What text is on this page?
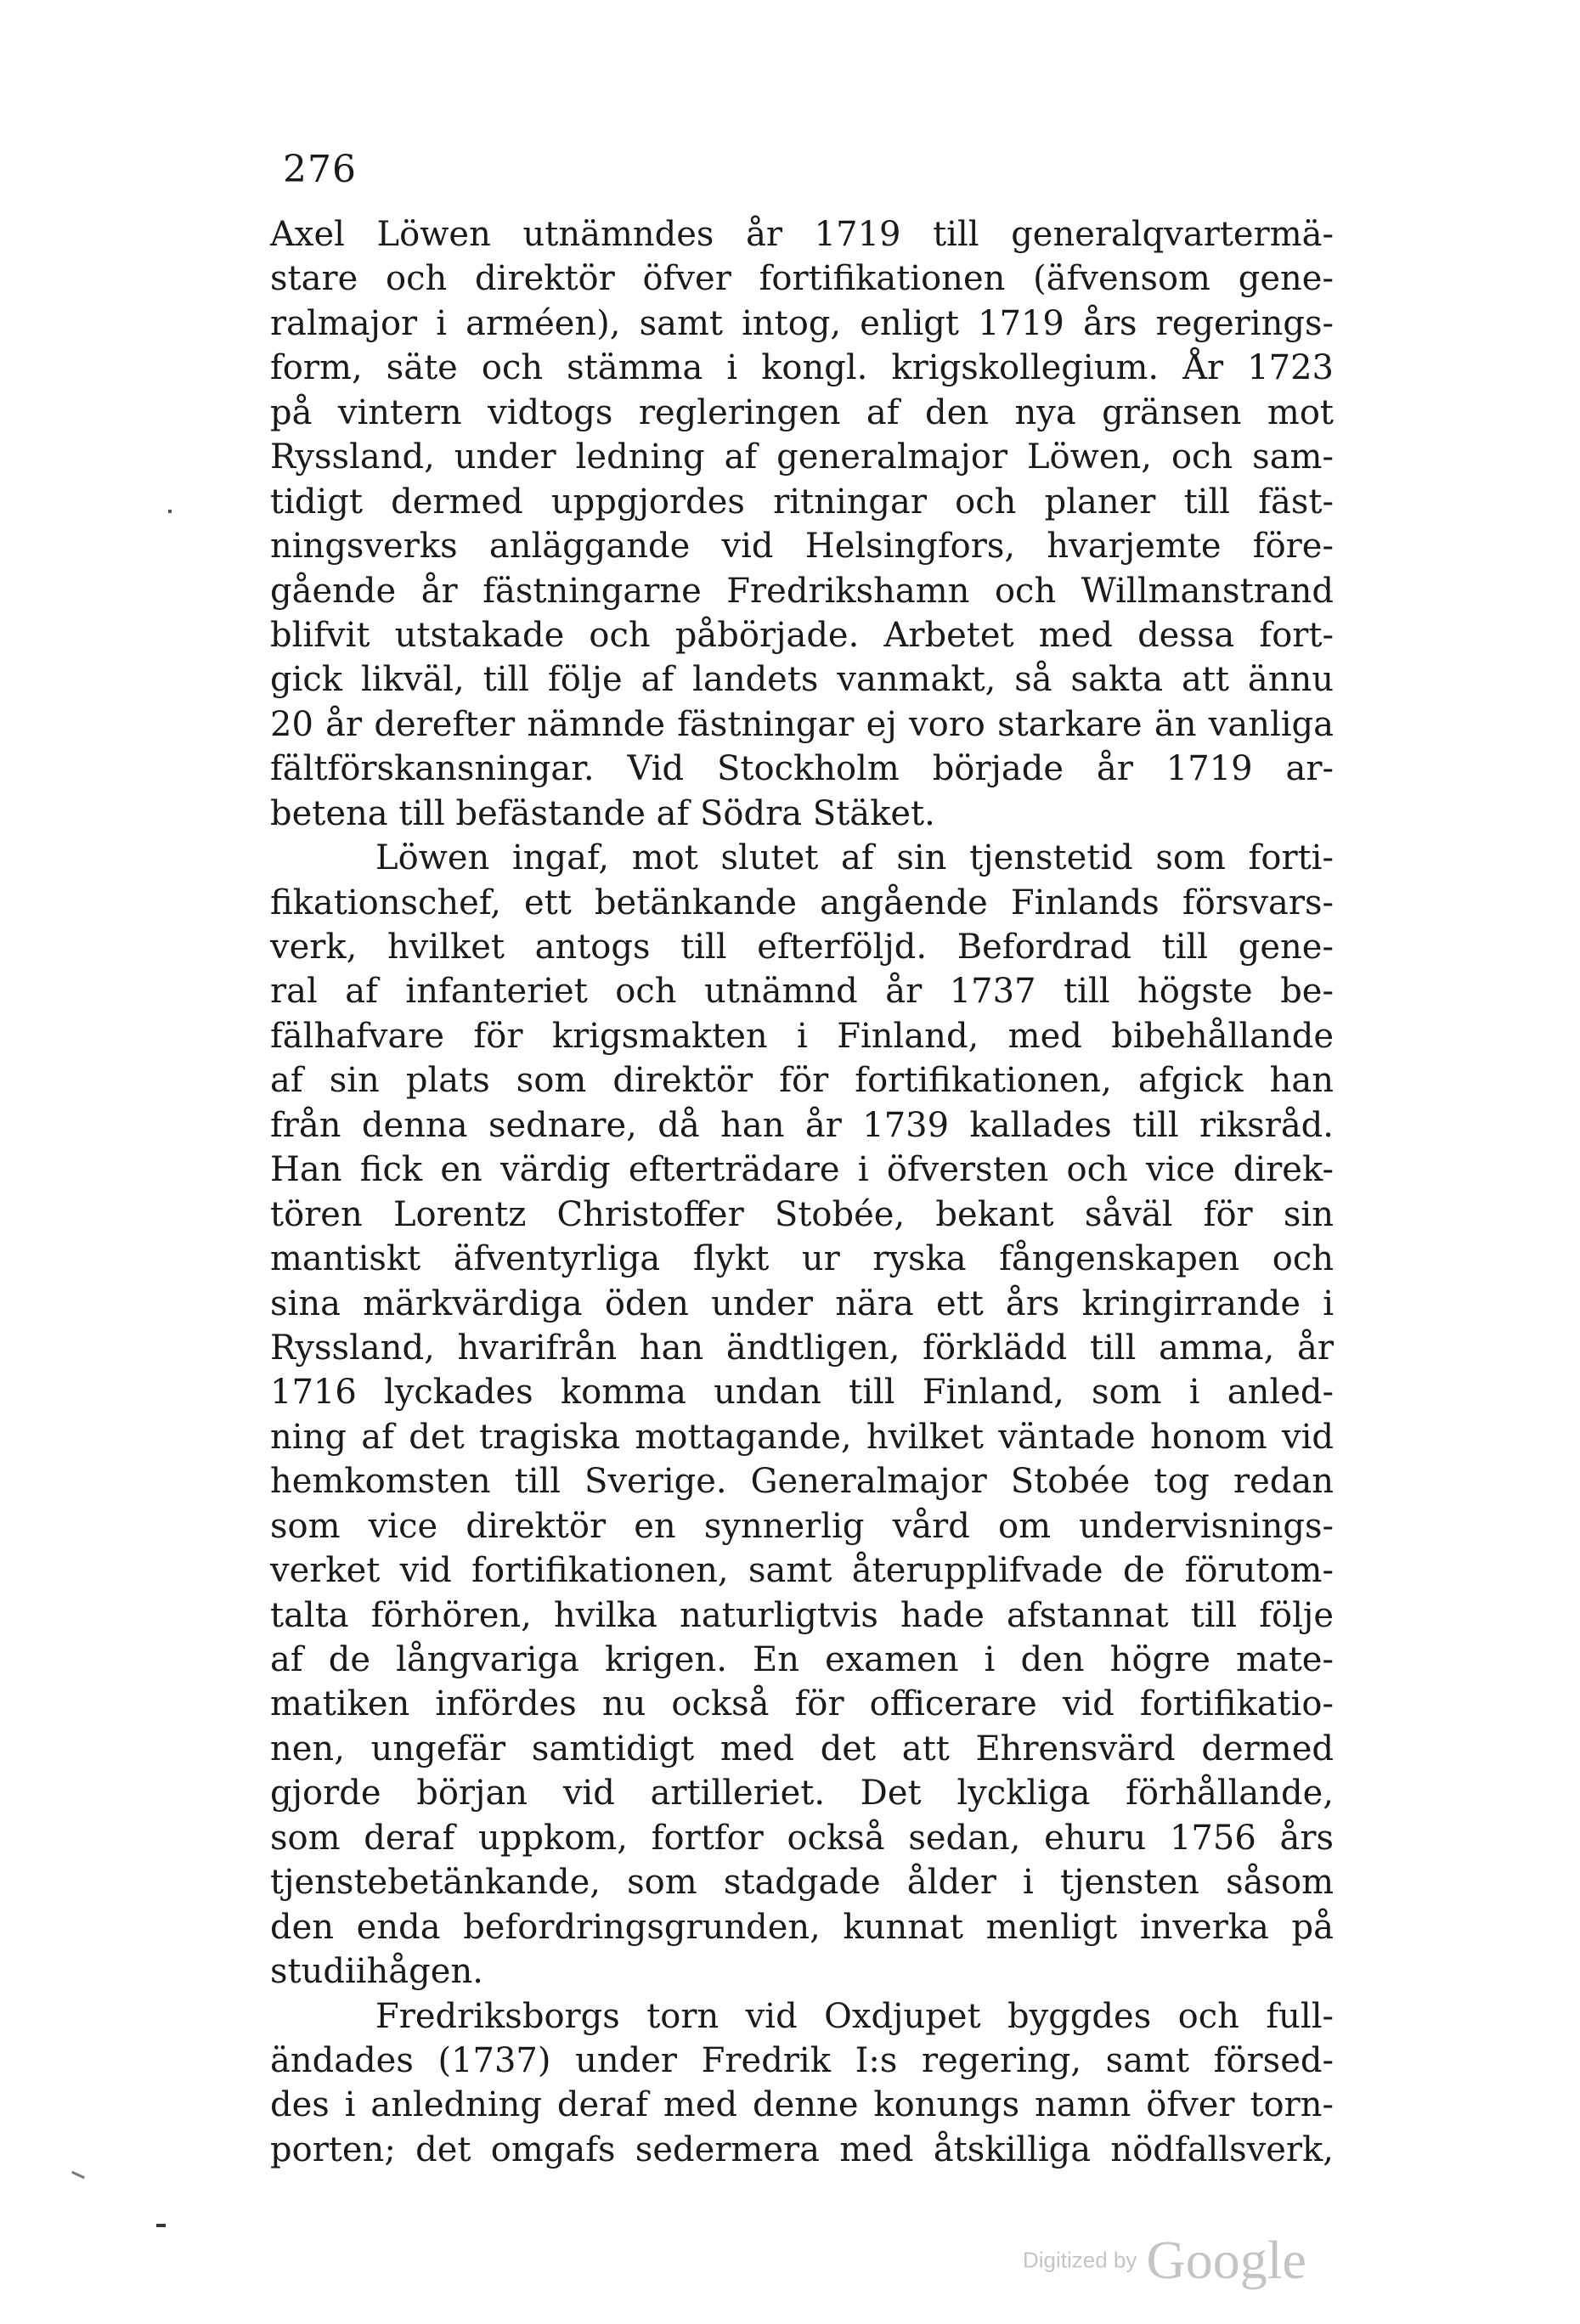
276
Axel Löwen utnämndes år 1719 till generalqvartermä-
stare och direktör öfver fortifikationen (äfvensom gene-
ralmajor i arméen), samt intog, enligt 1719 års regerings-
form, säte och stämma i kongl. krigskollegium. År 1723
på vintern vidtogs regleringen af den nya gränsen mot
Ryssland, under ledning af generalmajor Löwen, och sam-
tidigt dermed uppgjordes ritningar och planer till fäst-
ningsverks anläggande vid Helsingfors, hvarjemte före-
gående år fästningarne Fredrikshamn och Willmanstrand
blifvit utstakade och påbörjade. Arbetet med dessa fort-
gick likväl, till följe af landets vanmakt, så sakta att ännu
20 år derefter nämnde fästningar ej voro starkare än vanliga
fältförskansningar. Vid Stockholm började år 1719 ar-
betena till befästande af Södra Stäket.
Löwen ingaf, mot slutet af sin tjenstetid som forti-
fikationschef, ett betänkande angående Finlands försvars-
verk, hvilket antogs till efterföljd. Befordrad till gene-
ral af infanteriet och utnämnd år 1737 till högste be-
fälhafvare för krigsmakten i Finland, med bibehållande
af sin plats som direktör för fortifikationen, afgick han
från denna sednare, då han år 1739 kallades till riksråd.
Han fick en värdig efterträdare i öfversten och vice direk-
tören Lorentz Christoffer Stobée, bekant såväl för sin
mantiskt äfventyrliga flykt ur ryska fångenskapen och
sina märkvärdiga öden under nära ett års kringirrande i
Ryssland, hvarifrån han ändtligen, förklädd till amma, år
1716 lyckades komma undan till Finland, som i anled-
ning af det tragiska mottagande, hvilket väntade honom vid
hemkomsten till Sverige. Generalmajor Stobée tog redan
som vice direktör en synnerlig vård om undervisnings-
verket vid fortifikationen, samt återupplifvade de förutom-
talta förhören, hvilka naturligtvis hade afstannat till följe
af de långvariga krigen. En examen i den högre mate-
matiken infördes nu också för officerare vid fortifikatio-
nen, ungefär samtidigt med det att Ehrensvärd dermed
gjorde början vid artilleriet. Det lyckliga förhållande,
som deraf uppkom, fortfor också sedan, ehuru 1756 års
tjenstebetänkande, som stadgade ålder i tjensten såsom
den enda befordringsgrunden, kunnat menligt inverka på
studiihågen.
Fredriksborgs torn vid Oxdjupet byggdes och full-
ändades (1737) under Fredrik I:s regering, samt försed-
des i anledning deraf med denne konungs namn öfver torn-
porten; det omgafs sedermera med åtskilliga nödfallsverk,
Digitized by Google
